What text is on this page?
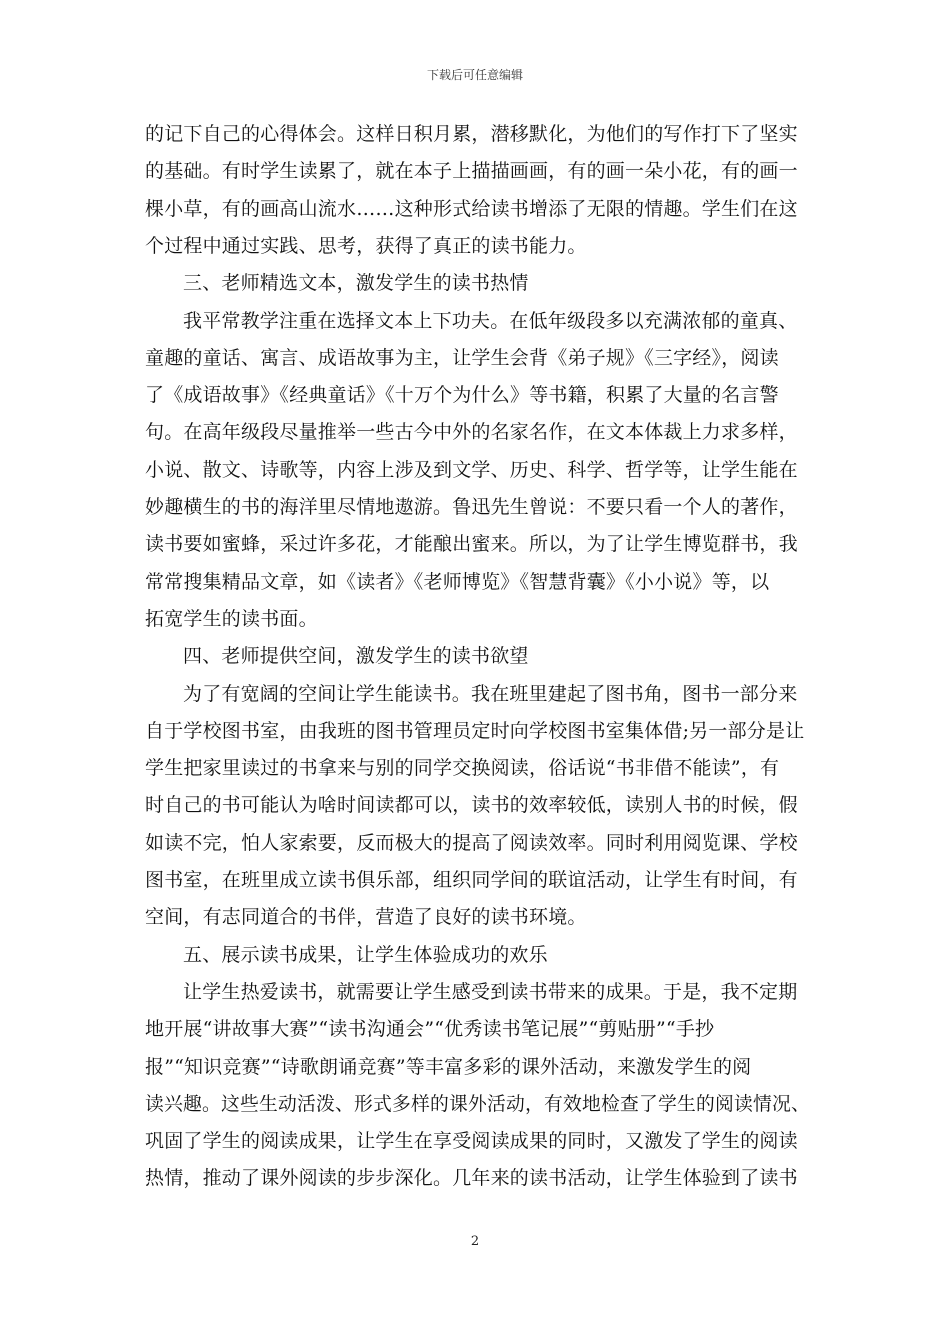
下载后可任意编辑
的记下自己的心得体会。这样日积月累，潜移默化，为他们的写作打下了坚实
的基础。有时学生读累了，就在本子上描描画画，有的画一朵小花，有的画一
棵小草，有的画高山流水……这种形式给读书增添了无限的情趣。学生们在这
个过程中通过实践、思考，获得了真正的读书能力。
三、老师精选文本，激发学生的读书热情
我平常教学注重在选择文本上下功夫。在低年级段多以充满浓郁的童真、
童趣的童话、寓言、成语故事为主，让学生会背《弟子规》《三字经》，阅读
了《成语故事》《经典童话》《十万个为什么》等书籍，积累了大量的名言警
句。在高年级段尽量推举一些古今中外的名家名作，在文本体裁上力求多样，
小说、散文、诗歌等，内容上涉及到文学、历史、科学、哲学等，让学生能在
妙趣横生的书的海洋里尽情地遨游。鲁迅先生曾说：不要只看一个人的著作，
读书要如蜜蜂，采过许多花，才能酿出蜜来。所以，为了让学生博览群书，我
常常搜集精品文章，如《读者》《老师博览》《智慧背囊》《小小说》等，以
拓宽学生的读书面。
四、老师提供空间，激发学生的读书欲望
为了有宽阔的空间让学生能读书。我在班里建起了图书角，图书一部分来
自于学校图书室，由我班的图书管理员定时向学校图书室集体借;另一部分是让
学生把家里读过的书拿来与别的同学交换阅读，俗话说“书非借不能读”，有
时自己的书可能认为啥时间读都可以，读书的效率较低，读别人书的时候，假
如读不完，怕人家索要，反而极大的提高了阅读效率。同时利用阅览课、学校
图书室，在班里成立读书俱乐部，组织同学间的联谊活动，让学生有时间，有
空间，有志同道合的书伴，营造了良好的读书环境。
五、展示读书成果，让学生体验成功的欢乐
让学生热爱读书，就需要让学生感受到读书带来的成果。于是，我不定期
地开展“讲故事大赛”“读书沟通会”“优秀读书笔记展”“剪贴册”“手抄
报”“知识竞赛”“诗歌朗诵竞赛”等丰富多彩的课外活动，来激发学生的阅
读兴趣。这些生动活泼、形式多样的课外活动，有效地检查了学生的阅读情况、
巩固了学生的阅读成果，让学生在享受阅读成果的同时，又激发了学生的阅读
热情，推动了课外阅读的步步深化。几年来的读书活动，让学生体验到了读书
2
